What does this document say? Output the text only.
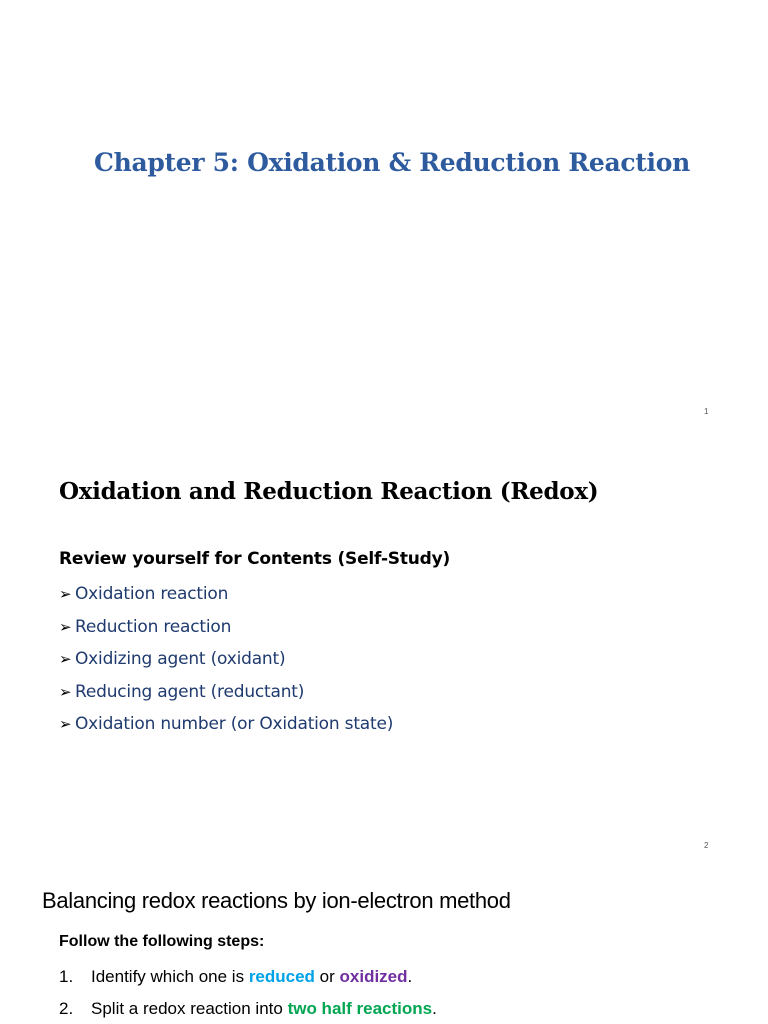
Chapter 5: Oxidation & Reduction Reaction
1
Oxidation and Reduction Reaction (Redox)
Review yourself for Contents (Self-Study)
➢ Oxidation reaction
➢ Reduction reaction
➢ Oxidizing agent (oxidant)
➢ Reducing agent (reductant)
➢ Oxidation number (or Oxidation state)
2
Balancing redox reactions by ion-electron method
Follow the following steps:
1. Identify which one is reduced or oxidized.
2. Split a redox reaction into two half reactions.
